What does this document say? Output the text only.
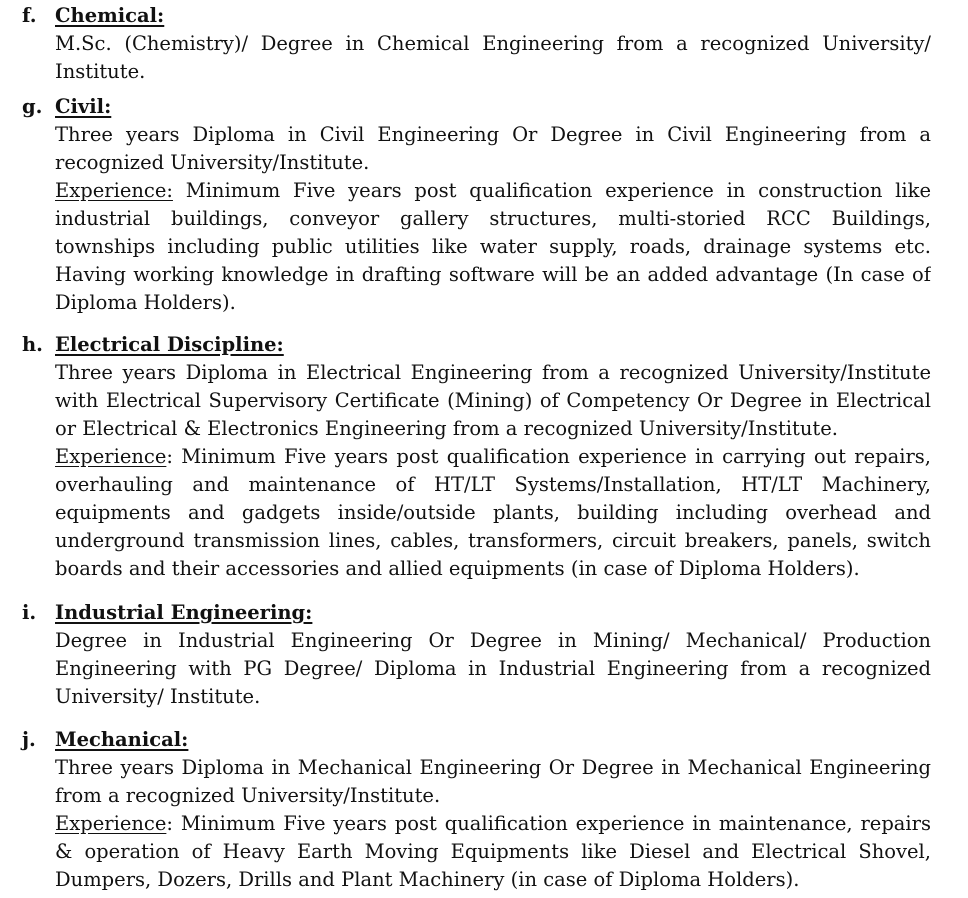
f. Chemical:
M.Sc. (Chemistry)/ Degree in Chemical Engineering from a recognized University/
Institute.
g. Civil:
Three years Diploma in Civil Engineering Or Degree in Civil Engineering from a
recognized University/Institute.
Experience: Minimum Five years post qualification experience in construction like
industrial buildings, conveyor gallery structures, multi-storied RCC Buildings,
townships including public utilities like water supply, roads, drainage systems etc.
Having working knowledge in drafting software will be an added advantage (In case of
Diploma Holders).
h. Electrical Discipline:
Three years Diploma in Electrical Engineering from a recognized University/Institute
with Electrical Supervisory Certificate (Mining) of Competency Or Degree in Electrical
or Electrical & Electronics Engineering from a recognized University/Institute.
Experience: Minimum Five years post qualification experience in carrying out repairs,
overhauling and maintenance of HT/LT Systems/Installation, HT/LT Machinery,
equipments and gadgets inside/outside plants, building including overhead and
underground transmission lines, cables, transformers, circuit breakers, panels, switch
boards and their accessories and allied equipments (in case of Diploma Holders).
i. Industrial Engineering:
Degree in Industrial Engineering Or Degree in Mining/ Mechanical/ Production
Engineering with PG Degree/ Diploma in Industrial Engineering from a recognized
University/ Institute.
j. Mechanical:
Three years Diploma in Mechanical Engineering Or Degree in Mechanical Engineering
from a recognized University/Institute.
Experience: Minimum Five years post qualification experience in maintenance, repairs
& operation of Heavy Earth Moving Equipments like Diesel and Electrical Shovel,
Dumpers, Dozers, Drills and Plant Machinery (in case of Diploma Holders).
